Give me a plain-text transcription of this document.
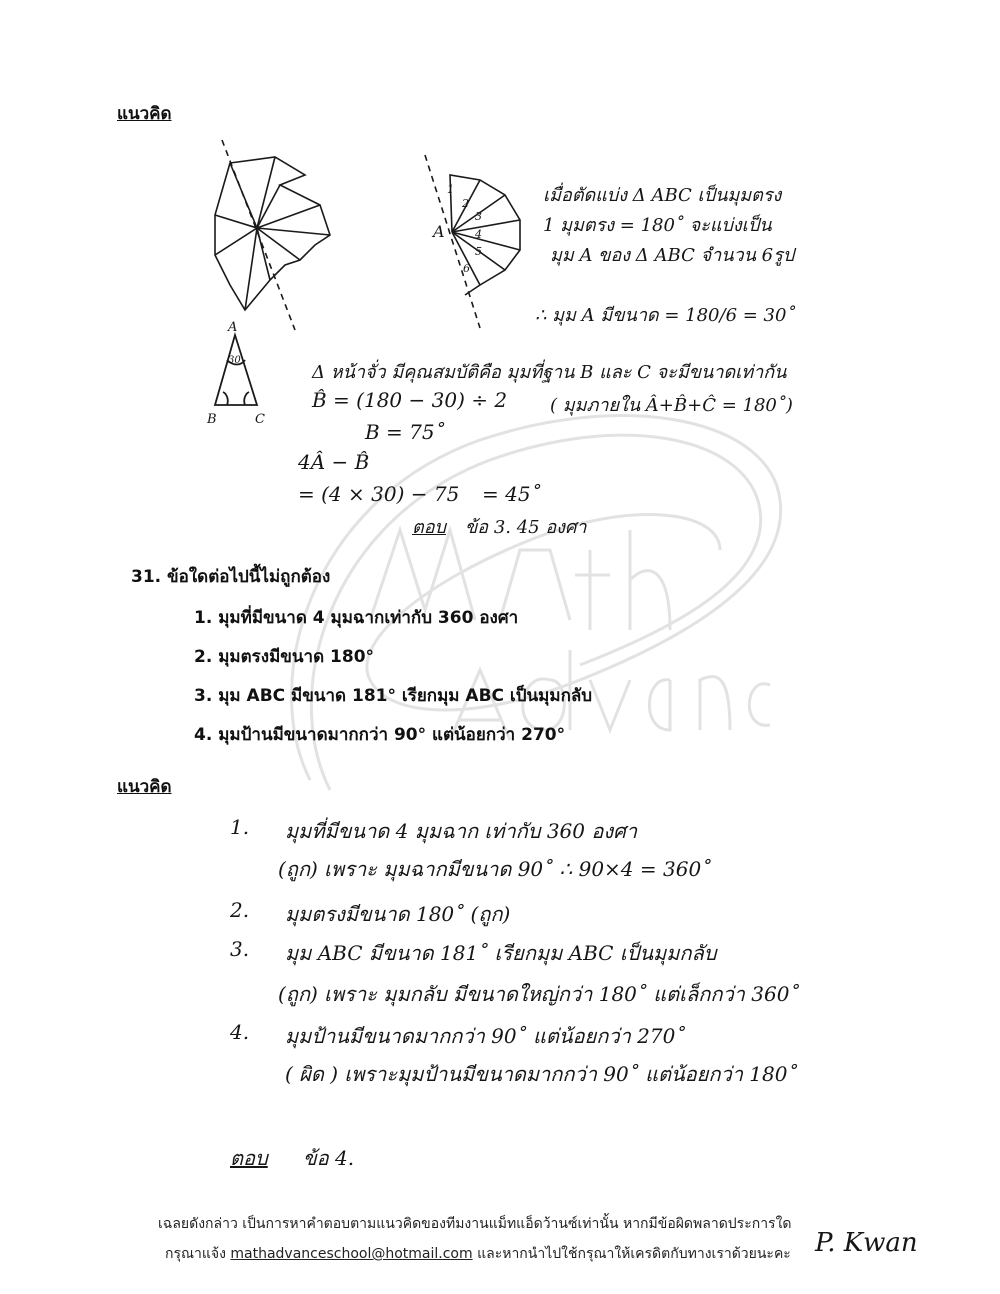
แนวคิด
A
1
2
3
4
5
6
เมื่อตัดแบ่ง Δ ABC เป็นมุมตรง
1 มุมตรง = 180˚ จะแบ่งเป็น
มุม A ของ Δ ABC จำนวน 6รูป
∴ มุม A มีขนาด = 180/6 = 30˚
A
B	C
30
Δ หน้าจั่ว มีคุณสมบัติคือ มุมที่ฐาน B และ C จะมีขนาดเท่ากัน
B̂ = (180 − 30) ÷ 2 ( มุมภายใน Â+B̂+Ĉ = 180˚)
B = 75˚
4Â − B̂
= (4 × 30) − 75 = 45˚
ตอบ ข้อ 3. 45 องศา
31. ข้อใดต่อไปนี้ไม่ถูกต้อง
1. มุมที่มีขนาด 4 มุมฉากเท่ากับ 360 องศา
2. มุมตรงมีขนาด 180°
3. มุม ABC มีขนาด 181° เรียกมุม ABC เป็นมุมกลับ
4. มุมป้านมีขนาดมากกว่า 90° แต่น้อยกว่า 270°
แนวคิด
1. มุมที่มีขนาด 4 มุมฉาก เท่ากับ 360 องศา
(ถูก) เพราะ มุมฉากมีขนาด 90˚ ∴ 90×4 = 360˚
2. มุมตรงมีขนาด 180˚ (ถูก)
3. มุม ABC มีขนาด 181˚ เรียกมุม ABC เป็นมุมกลับ
(ถูก) เพราะ มุมกลับ มีขนาดใหญ่กว่า 180˚ แต่เล็กกว่า 360˚
4. มุมป้านมีขนาดมากกว่า 90˚ แต่น้อยกว่า 270˚
( ผิด ) เพราะมุมป้านมีขนาดมากกว่า 90˚ แต่น้อยกว่า 180˚
ตอบ ข้อ 4.
เฉลยดังกล่าว เป็นการหาคำตอบตามแนวคิดของทีมงานแม็ทแอ็ดว้านซ์เท่านั้น หากมีข้อผิดพลาดประการใด
กรุณาแจ้ง mathadvanceschool@hotmail.com และหากนำไปใช้กรุณาให้เครดิตกับทางเราด้วยนะคะ P. Kwan
